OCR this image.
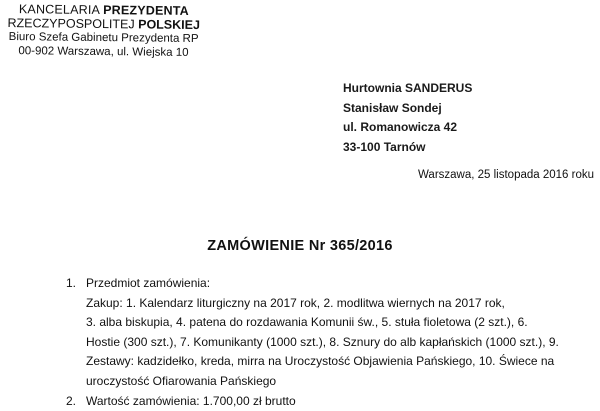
KANCELARIA PREZYDENTA
RZECZYPOSPOLITEJ POLSKIEJ
Biuro Szefa Gabinetu Prezydenta RP
00-902 Warszawa, ul. Wiejska 10
Hurtownia SANDERUS
Stanisław Sondej
ul. Romanowicza 42
33-100 Tarnów
Warszawa, 25 listopada 2016 roku
ZAMÓWIENIE Nr 365/2016
1. Przedmiot zamówienia:
Zakup: 1. Kalendarz liturgiczny na 2017 rok, 2. modlitwa wiernych na 2017 rok,
3. alba biskupia, 4. patena do rozdawania Komunii św., 5. stuła fioletowa (2 szt.), 6.
Hostie (300 szt.), 7. Komunikanty (1000 szt.), 8. Sznury do alb kapłańskich (1000 szt.), 9.
Zestawy: kadzidełko, kreda, mirra na Uroczystość Objawienia Pańskiego, 10. Świece na
uroczystość Ofiarowania Pańskiego
2. Wartość zamówienia: 1.700,00 zł brutto
